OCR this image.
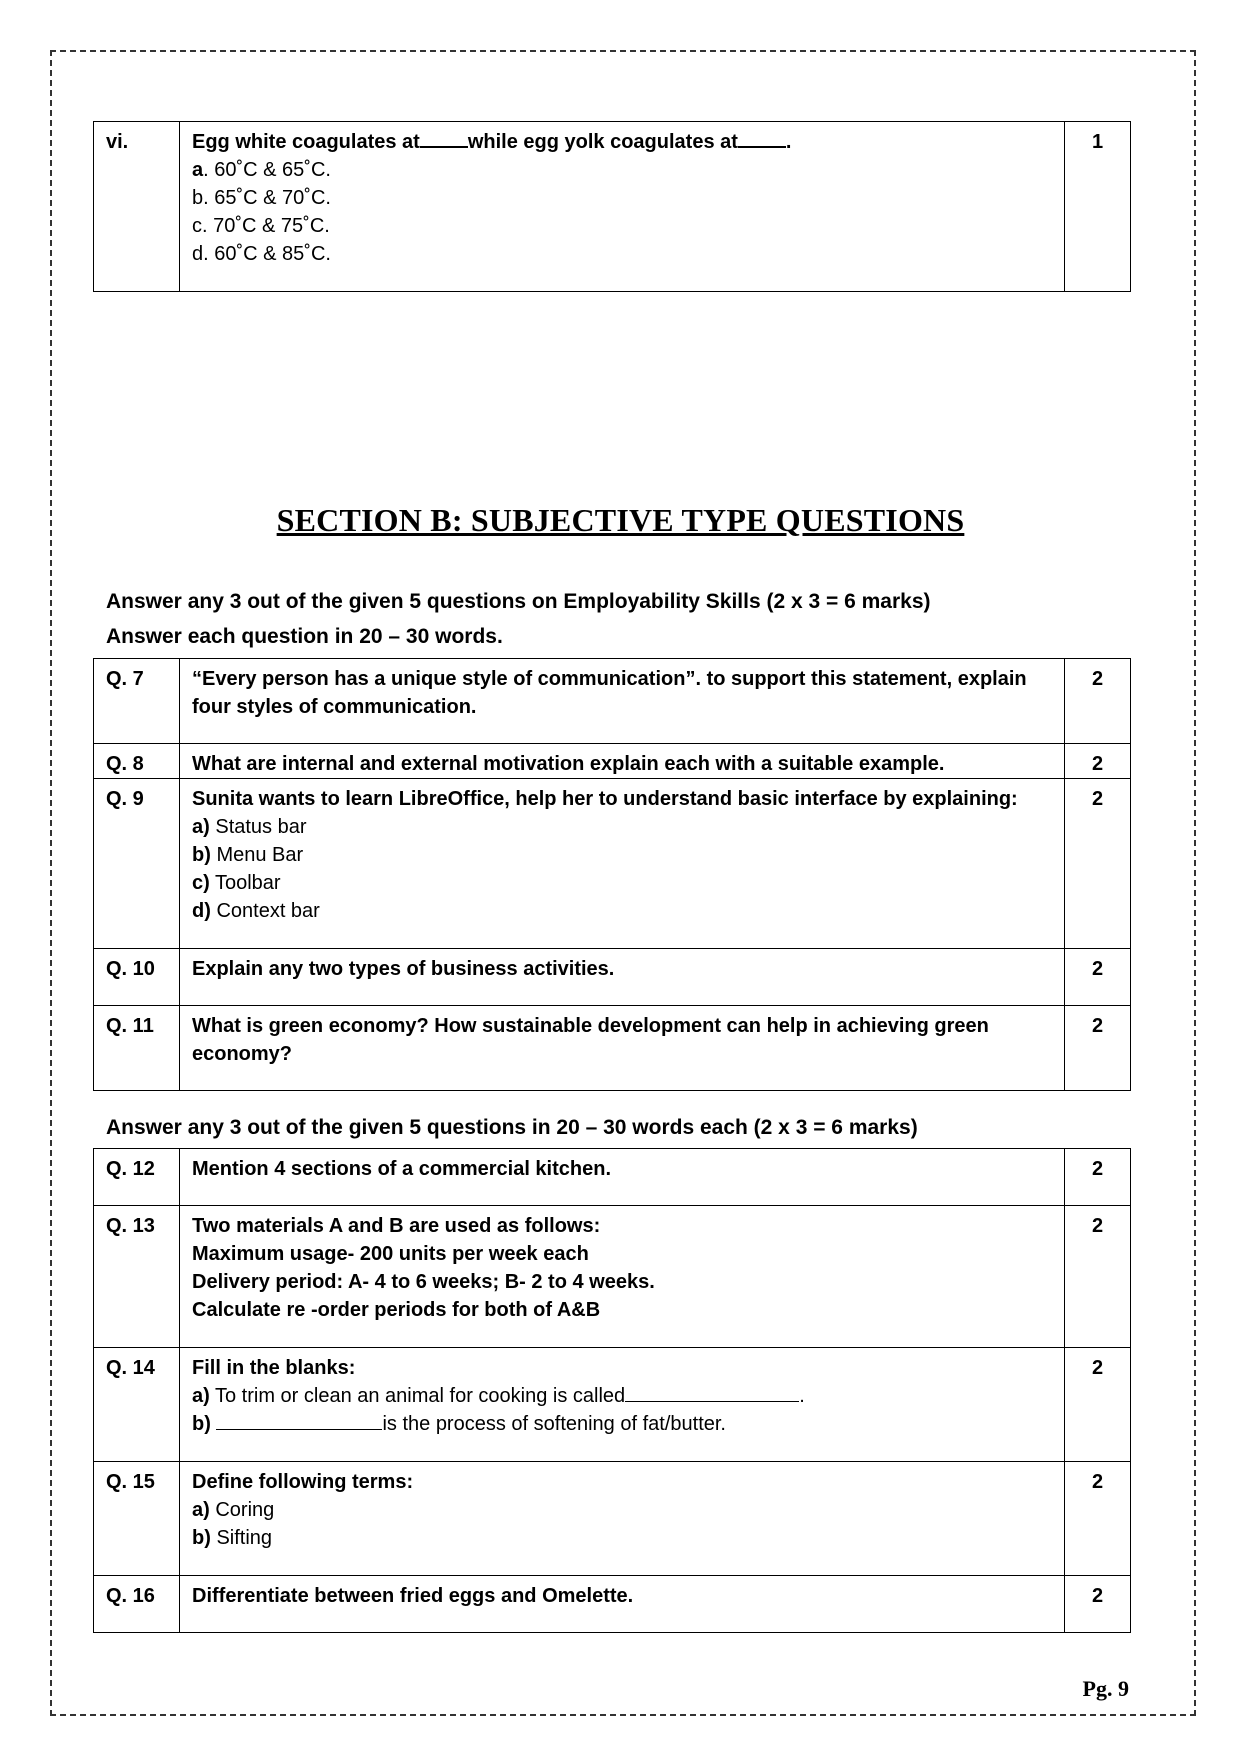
vi.	Egg white coagulates at while egg yolk coagulates at .
a. 60˚C & 65˚C.
b. 65˚C & 70˚C.
c. 70˚C & 75˚C.
d. 60˚C & 85˚C.
	1
SECTION B: SUBJECTIVE TYPE QUESTIONS
Answer any 3 out of the given 5 questions on Employability Skills (2 x 3 = 6 marks)
Answer each question in 20 – 30 words.
Q. 7	“Every person has a unique style of communication”. to support this statement, explain
four styles of communication.	2
Q. 8	What are internal and external motivation explain each with a suitable example.	2
Q. 9	Sunita wants to learn LibreOffice, help her to understand basic interface by explaining:
a) Status bar
b) Menu Bar
c) Toolbar
d) Context bar	2
Q. 10	Explain any two types of business activities.	2
Q. 11	What is green economy? How sustainable development can help in achieving green
economy?	2
Answer any 3 out of the given 5 questions in 20 – 30 words each (2 x 3 = 6 marks)
Q. 12	Mention 4 sections of a commercial kitchen.	2
Q. 13	Two materials A and B are used as follows:
Maximum usage- 200 units per week each
Delivery period: A- 4 to 6 weeks; B- 2 to 4 weeks.
Calculate re -order periods for both of A&B	2
Q. 14	Fill in the blanks:
a) To trim or clean an animal for cooking is called .
b) is the process of softening of fat/butter.	2
Q. 15	Define following terms:
a) Coring
b) Sifting	2
Q. 16	Differentiate between fried eggs and Omelette.	2
Pg. 9
